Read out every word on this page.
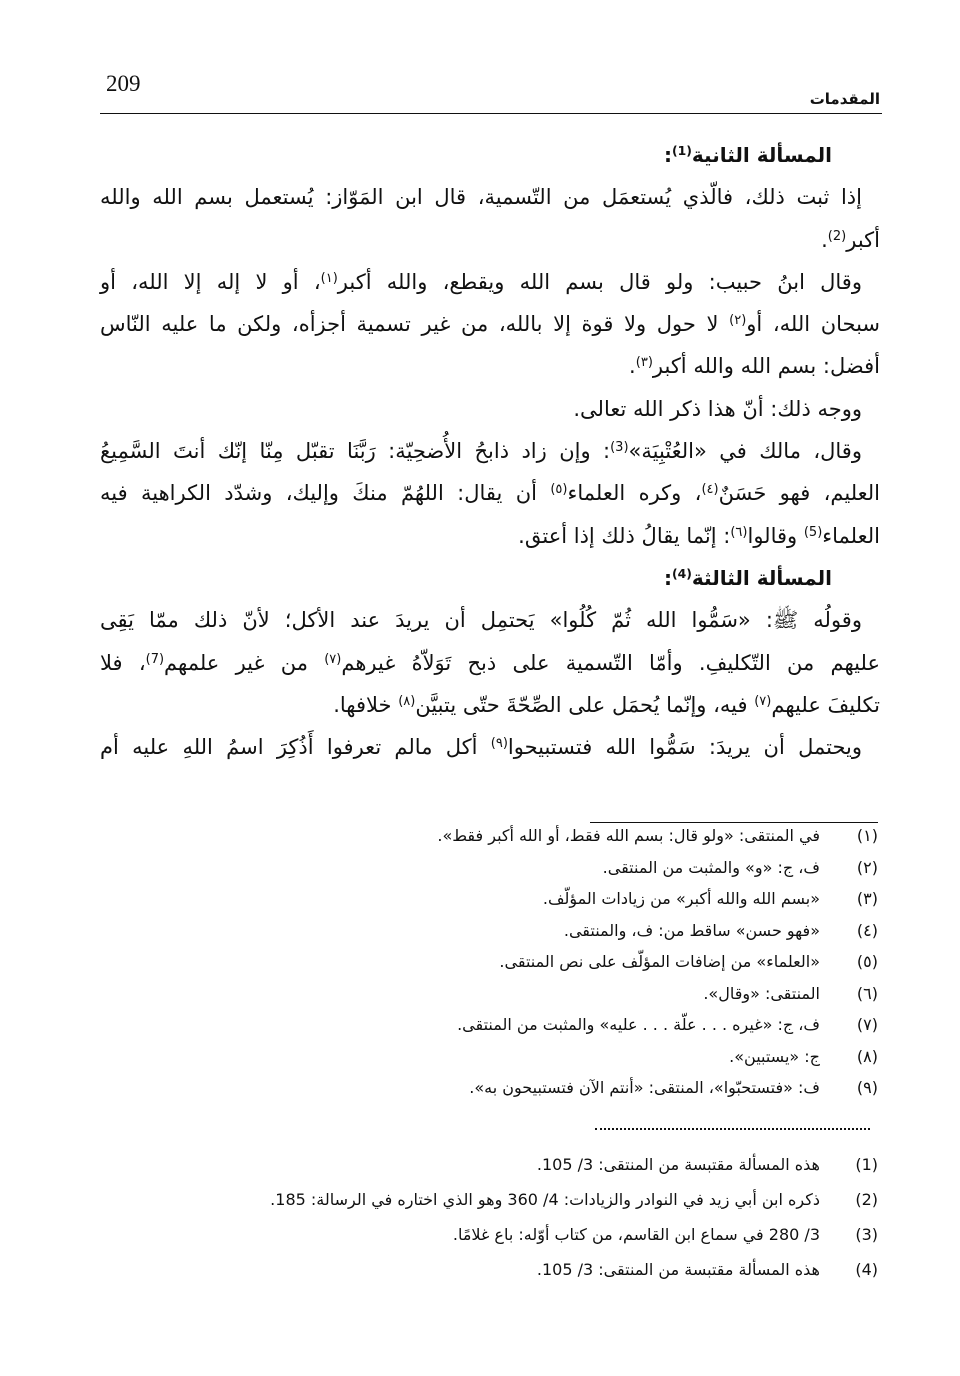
209
المقدمات
المسألة الثانية$^{(1)}$:
إذا ثبت ذلك، فالّذي يُستعمَل من التّسمية، قال ابن المَوّاز: يُستعمل بسم الله والله
أكبر$^{(2)}$.
وقال ابنُ حبيب: ولو قال بسم الله ويقطع، والله أكبر$^{(١)}$، أو لا إله إلا الله، أو
سبحان الله، أو$^{(٢)}$ لا حول ولا قوة إلا بالله، من غير تسمية أجزأه، ولكن ما عليه النّاس
أفضل: بسم الله والله أكبر$^{(٣)}$.
ووجه ذلك: أنّ هذا ذكر الله تعالى.
وقال، مالك في «العُتْبِيَة»$^{(3)}$: وإن زاد ذابحُ الأُضحِيّة: رَبَّنَا تقبّل مِنّا إنّك أنتَ السَّمِيعُ
العليم، فهو حَسَنٌ$^{(٤)}$، وكره العلماء$^{(٥)}$ أن يقال: اللهُمّ منكَ وإليك، وشدّد الكراهية فيه
العلماء$^{(5)}$ وقالوا$^{(٦)}$: إنّما يقالُ ذلك إذا أعتق.
المسألة الثالثة$^{(4)}$:
وقولُه ﷺ: «سَمُّوا الله ثُمّ كُلُوا» يَحتمِل أن يريدَ عند الأكل؛ لأنّ ذلك ممّا يَقِى
عليهم من التّكليفِ. وأمّا التّسمية على ذبح تَوَلاّهُ غيرهم$^{(٧)}$ من غير علمهم$^{(7)}$، فلا
تكليفَ عليهم$^{(٧)}$ فيه، وإنّما يُحمَل على الصِّحّةَ حتّى يتبيَّن$^{(٨)}$ خلافها.
ويحتمل أن يريدَ: سَمُّوا الله فتستبيحوا$^{(٩)}$ أكل مالم تعرفوا أَذُكِرَ اسمُ اللهِ عليه أم
(١)
في المنتقى: «ولو قال: بسم الله فقط، أو الله أكبر فقط».
(٢)
ف، ج: «و» والمثبت من المنتقى.
(٣)
«بسم الله والله أكبر» من زيادات المؤلّف.
(٤)
«فهو حسن» ساقط من: ف، والمنتقى.
(٥)
«العلماء» من إضافات المؤلّف على نص المنتقى.
(٦)
المنتقى: «وقال».
(٧)
ف، ج: «غيره . . . علّة . . . عليه» والمثبت من المنتقى.
(٨)
ج: «يستبين».
(٩)
ف: «فتستحبّوا»، المنتقى: «أنتم الآن فتستبيحون به».
(1)
هذه المسألة مقتبسة من المنتقى: 3/ 105.
(2)
ذكره ابن أبي زيد في النوادر والزيادات: 4/ 360 وهو الذي اختاره في الرسالة: 185.
(3)
3/ 280 في سماع ابن القاسم، من كتاب أوّله: باع غلامًا.
(4)
هذه المسألة مقتبسة من المنتقى: 3/ 105.
